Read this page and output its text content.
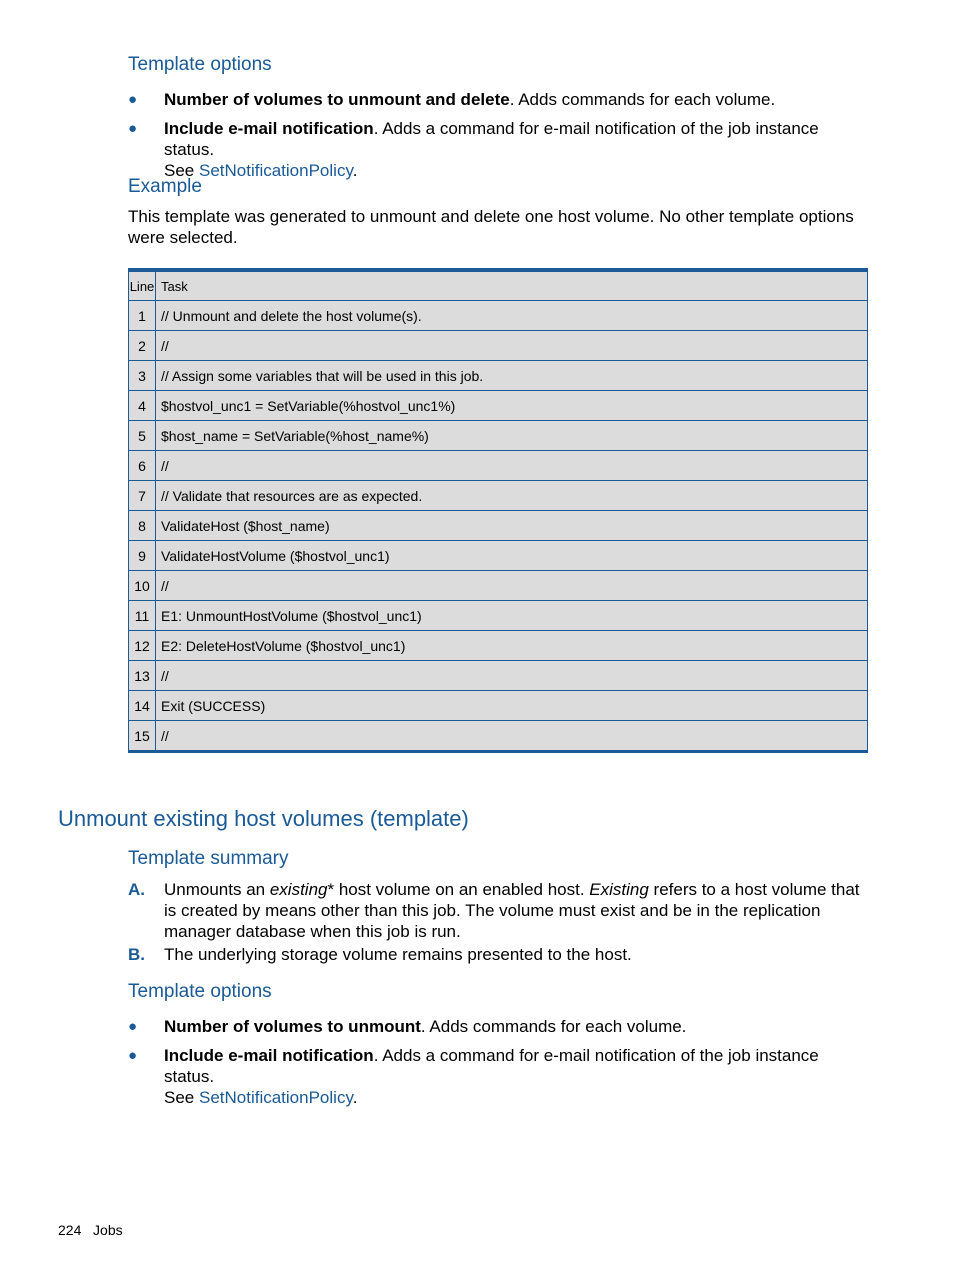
Template options
● Number of volumes to unmount and delete. Adds commands for each volume.
● Include e-mail notification. Adds a command for e-mail notification of the job instance status.
See SetNotificationPolicy.
Example
This template was generated to unmount and delete one host volume. No other template options were selected.
Line	Task
1	// Unmount and delete the host volume(s).
2	//
3	// Assign some variables that will be used in this job.
4	$hostvol_unc1 = SetVariable(%hostvol_unc1%)
5	$host_name = SetVariable(%host_name%)
6	//
7	// Validate that resources are as expected.
8	ValidateHost ($host_name)
9	ValidateHostVolume ($hostvol_unc1)
10	//
11	E1: UnmountHostVolume ($hostvol_unc1)
12	E2: DeleteHostVolume ($hostvol_unc1)
13	//
14	Exit (SUCCESS)
15	//
Unmount existing host volumes (template)
Template summary
A. Unmounts an existing* host volume on an enabled host. Existing refers to a host volume that is created by means other than this job. The volume must exist and be in the replication manager database when this job is run.
B. The underlying storage volume remains presented to the host.
Template options
● Number of volumes to unmount. Adds commands for each volume.
● Include e-mail notification. Adds a command for e-mail notification of the job instance status.
See SetNotificationPolicy.
224 Jobs
